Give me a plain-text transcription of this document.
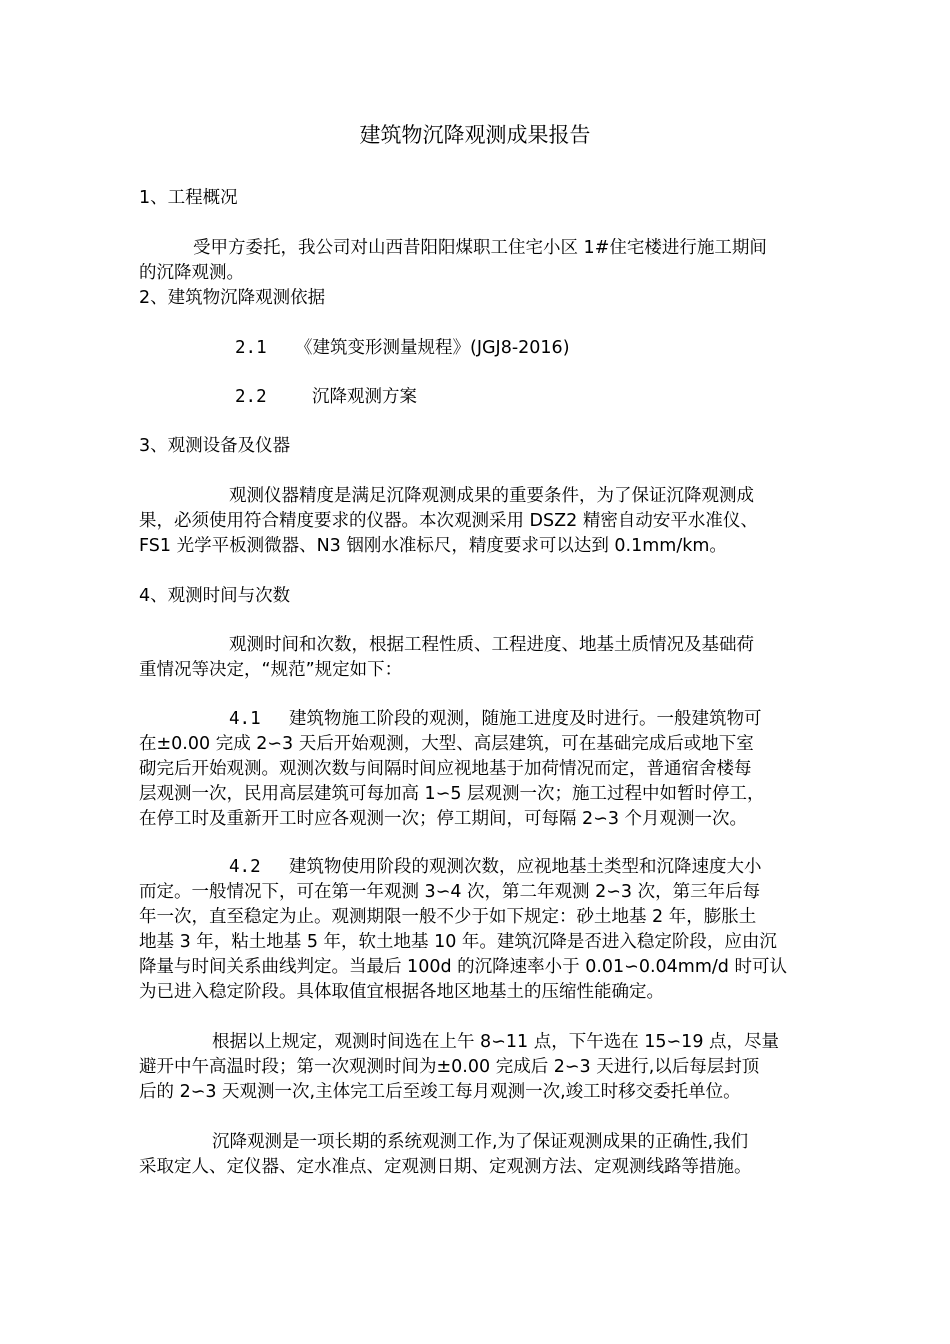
建筑物沉降观测成果报告
1、工程概况
受甲方委托，我公司对山西昔阳阳煤职工住宅小区 1#住宅楼进行施工期间
的沉降观测。
2、建筑物沉降观测依据
2.1 《建筑变形测量规程》(JGJ8-2016)
2.2	沉降观测方案
3、观测设备及仪器
观测仪器精度是满足沉降观测成果的重要条件，为了保证沉降观测成
果，必须使用符合精度要求的仪器。本次观测采用 DSZ2 精密自动安平水准仪、
FS1 光学平板测微器、N3 铟刚水准标尺，精度要求可以达到 0.1mm/km。
4、观测时间与次数
观测时间和次数，根据工程性质、工程进度、地基土质情况及基础荷
重情况等决定，“规范”规定如下：
4.1 建筑物施工阶段的观测，随施工进度及时进行。一般建筑物可
在±0.00 完成 2∽3 天后开始观测，大型、高层建筑，可在基础完成后或地下室
砌完后开始观测。观测次数与间隔时间应视地基于加荷情况而定，普通宿舍楼每
层观测一次，民用高层建筑可每加高 1∽5 层观测一次；施工过程中如暂时停工，
在停工时及重新开工时应各观测一次；停工期间，可每隔 2∽3 个月观测一次。
4.2 建筑物使用阶段的观测次数，应视地基土类型和沉降速度大小
而定。一般情况下，可在第一年观测 3∽4 次，第二年观测 2∽3 次，第三年后每
年一次，直至稳定为止。观测期限一般不少于如下规定：砂土地基 2 年，膨胀土
地基 3 年，粘土地基 5 年，软土地基 10 年。建筑沉降是否进入稳定阶段，应由沉
降量与时间关系曲线判定。当最后 100d 的沉降速率小于 0.01∽0.04mm/d 时可认
为已进入稳定阶段。具体取值宜根据各地区地基土的压缩性能确定。
根据以上规定，观测时间选在上午 8∽11 点，下午选在 15∽19 点，尽量
避开中午高温时段；第一次观测时间为±0.00 完成后 2∽3 天进行,以后每层封顶
后的 2∽3 天观测一次,主体完工后至竣工每月观测一次,竣工时移交委托单位。
沉降观测是一项长期的系统观测工作,为了保证观测成果的正确性,我们
采取定人、定仪器、定水准点、定观测日期、定观测方法、定观测线路等措施。
